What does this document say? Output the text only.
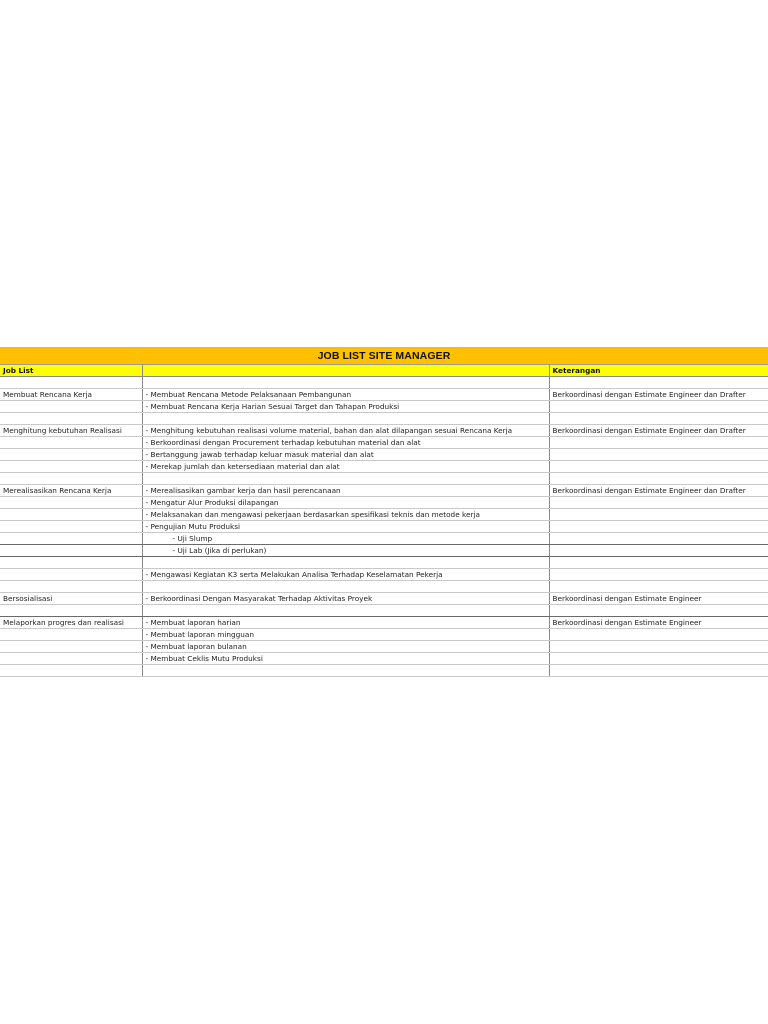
JOB LIST SITE MANAGER
Job List		Keterangan

Membuat Rencana Kerja	- Membuat Rencana Metode Pelaksanaan Pembangunan	Berkoordinasi dengan Estimate Engineer dan Drafter
	- Membuat Rencana Kerja Harian Sesuai Target dan Tahapan Produksi	

Menghitung kebutuhan Realisasi	- Menghitung kebutuhan realisasi volume material, bahan dan alat dilapangan sesuai Rencana Kerja	Berkoordinasi dengan Estimate Engineer dan Drafter
	- Berkoordinasi dengan Procurement terhadap kebutuhan material dan alat	
	- Bertanggung jawab terhadap keluar masuk material dan alat	
	- Merekap jumlah dan ketersediaan material dan alat	

Merealisasikan Rencana Kerja	- Merealisasikan gambar kerja dan hasil perencanaan	Berkoordinasi dengan Estimate Engineer dan Drafter
	- Mengatur Alur Produksi dilapangan	
	- Melaksanakan dan mengawasi pekerjaan berdasarkan spesifikasi teknis dan metode kerja	
	- Pengujian Mutu Produksi	
	- Uji Slump	
	- Uji Lab (Jika di perlukan)	

	- Mengawasi Kegiatan K3 serta Melakukan Analisa Terhadap Keselamatan Pekerja	

Bersosialisasi	- Berkoordinasi Dengan Masyarakat Terhadap Aktivitas Proyek	Berkoordinasi dengan Estimate Engineer

Melaporkan progres dan realisasi	- Membuat laporan harian	Berkoordinasi dengan Estimate Engineer
	- Membuat laporan mingguan	
	- Membuat laporan bulanan	
	- Membuat Ceklis Mutu Produksi	
